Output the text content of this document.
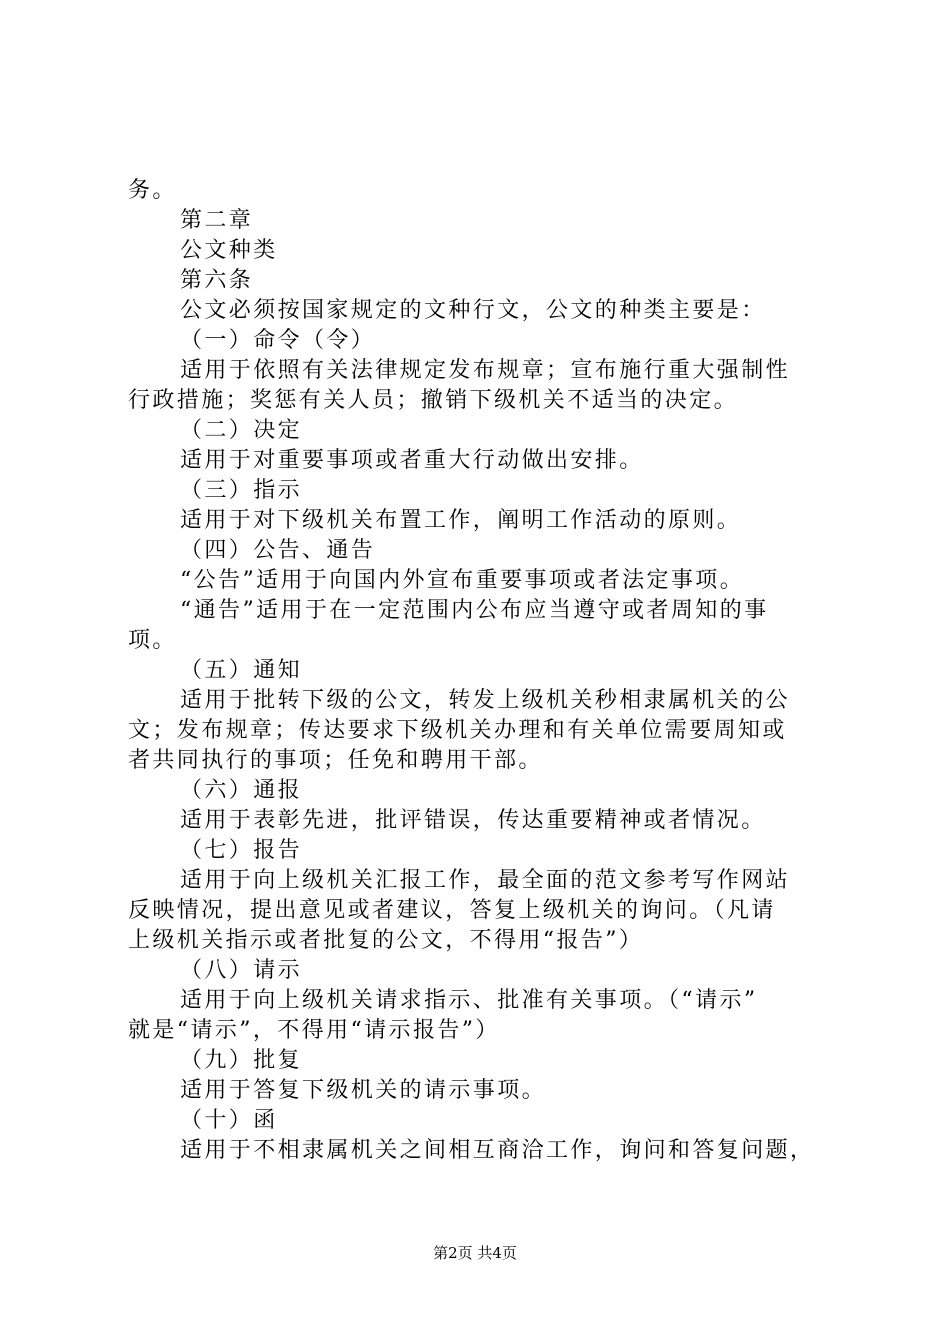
务。
第二章
公文种类
第六条
公文必须按国家规定的文种行文，公文的种类主要是：
（一）命令（令）
适用于依照有关法律规定发布规章；宣布施行重大强制性
行政措施；奖惩有关人员；撤销下级机关不适当的决定。
（二）决定
适用于对重要事项或者重大行动做出安排。
（三）指示
适用于对下级机关布置工作，阐明工作活动的原则。
（四）公告、通告
“公告”适用于向国内外宣布重要事项或者法定事项。
“通告”适用于在一定范围内公布应当遵守或者周知的事
项。
（五）通知
适用于批转下级的公文，转发上级机关秒相隶属机关的公
文；发布规章；传达要求下级机关办理和有关单位需要周知或
者共同执行的事项；任免和聘用干部。
（六）通报
适用于表彰先进，批评错误，传达重要精神或者情况。
（七）报告
适用于向上级机关汇报工作，最全面的范文参考写作网站
反映情况，提出意见或者建议，答复上级机关的询问。（凡请
上级机关指示或者批复的公文，不得用“报告”）
（八）请示
适用于向上级机关请求指示、批准有关事项。（“请示”
就是“请示”，不得用“请示报告”）
（九）批复
适用于答复下级机关的请示事项。
（十）函
适用于不相隶属机关之间相互商洽工作，询问和答复问题，
第2页 共4页
